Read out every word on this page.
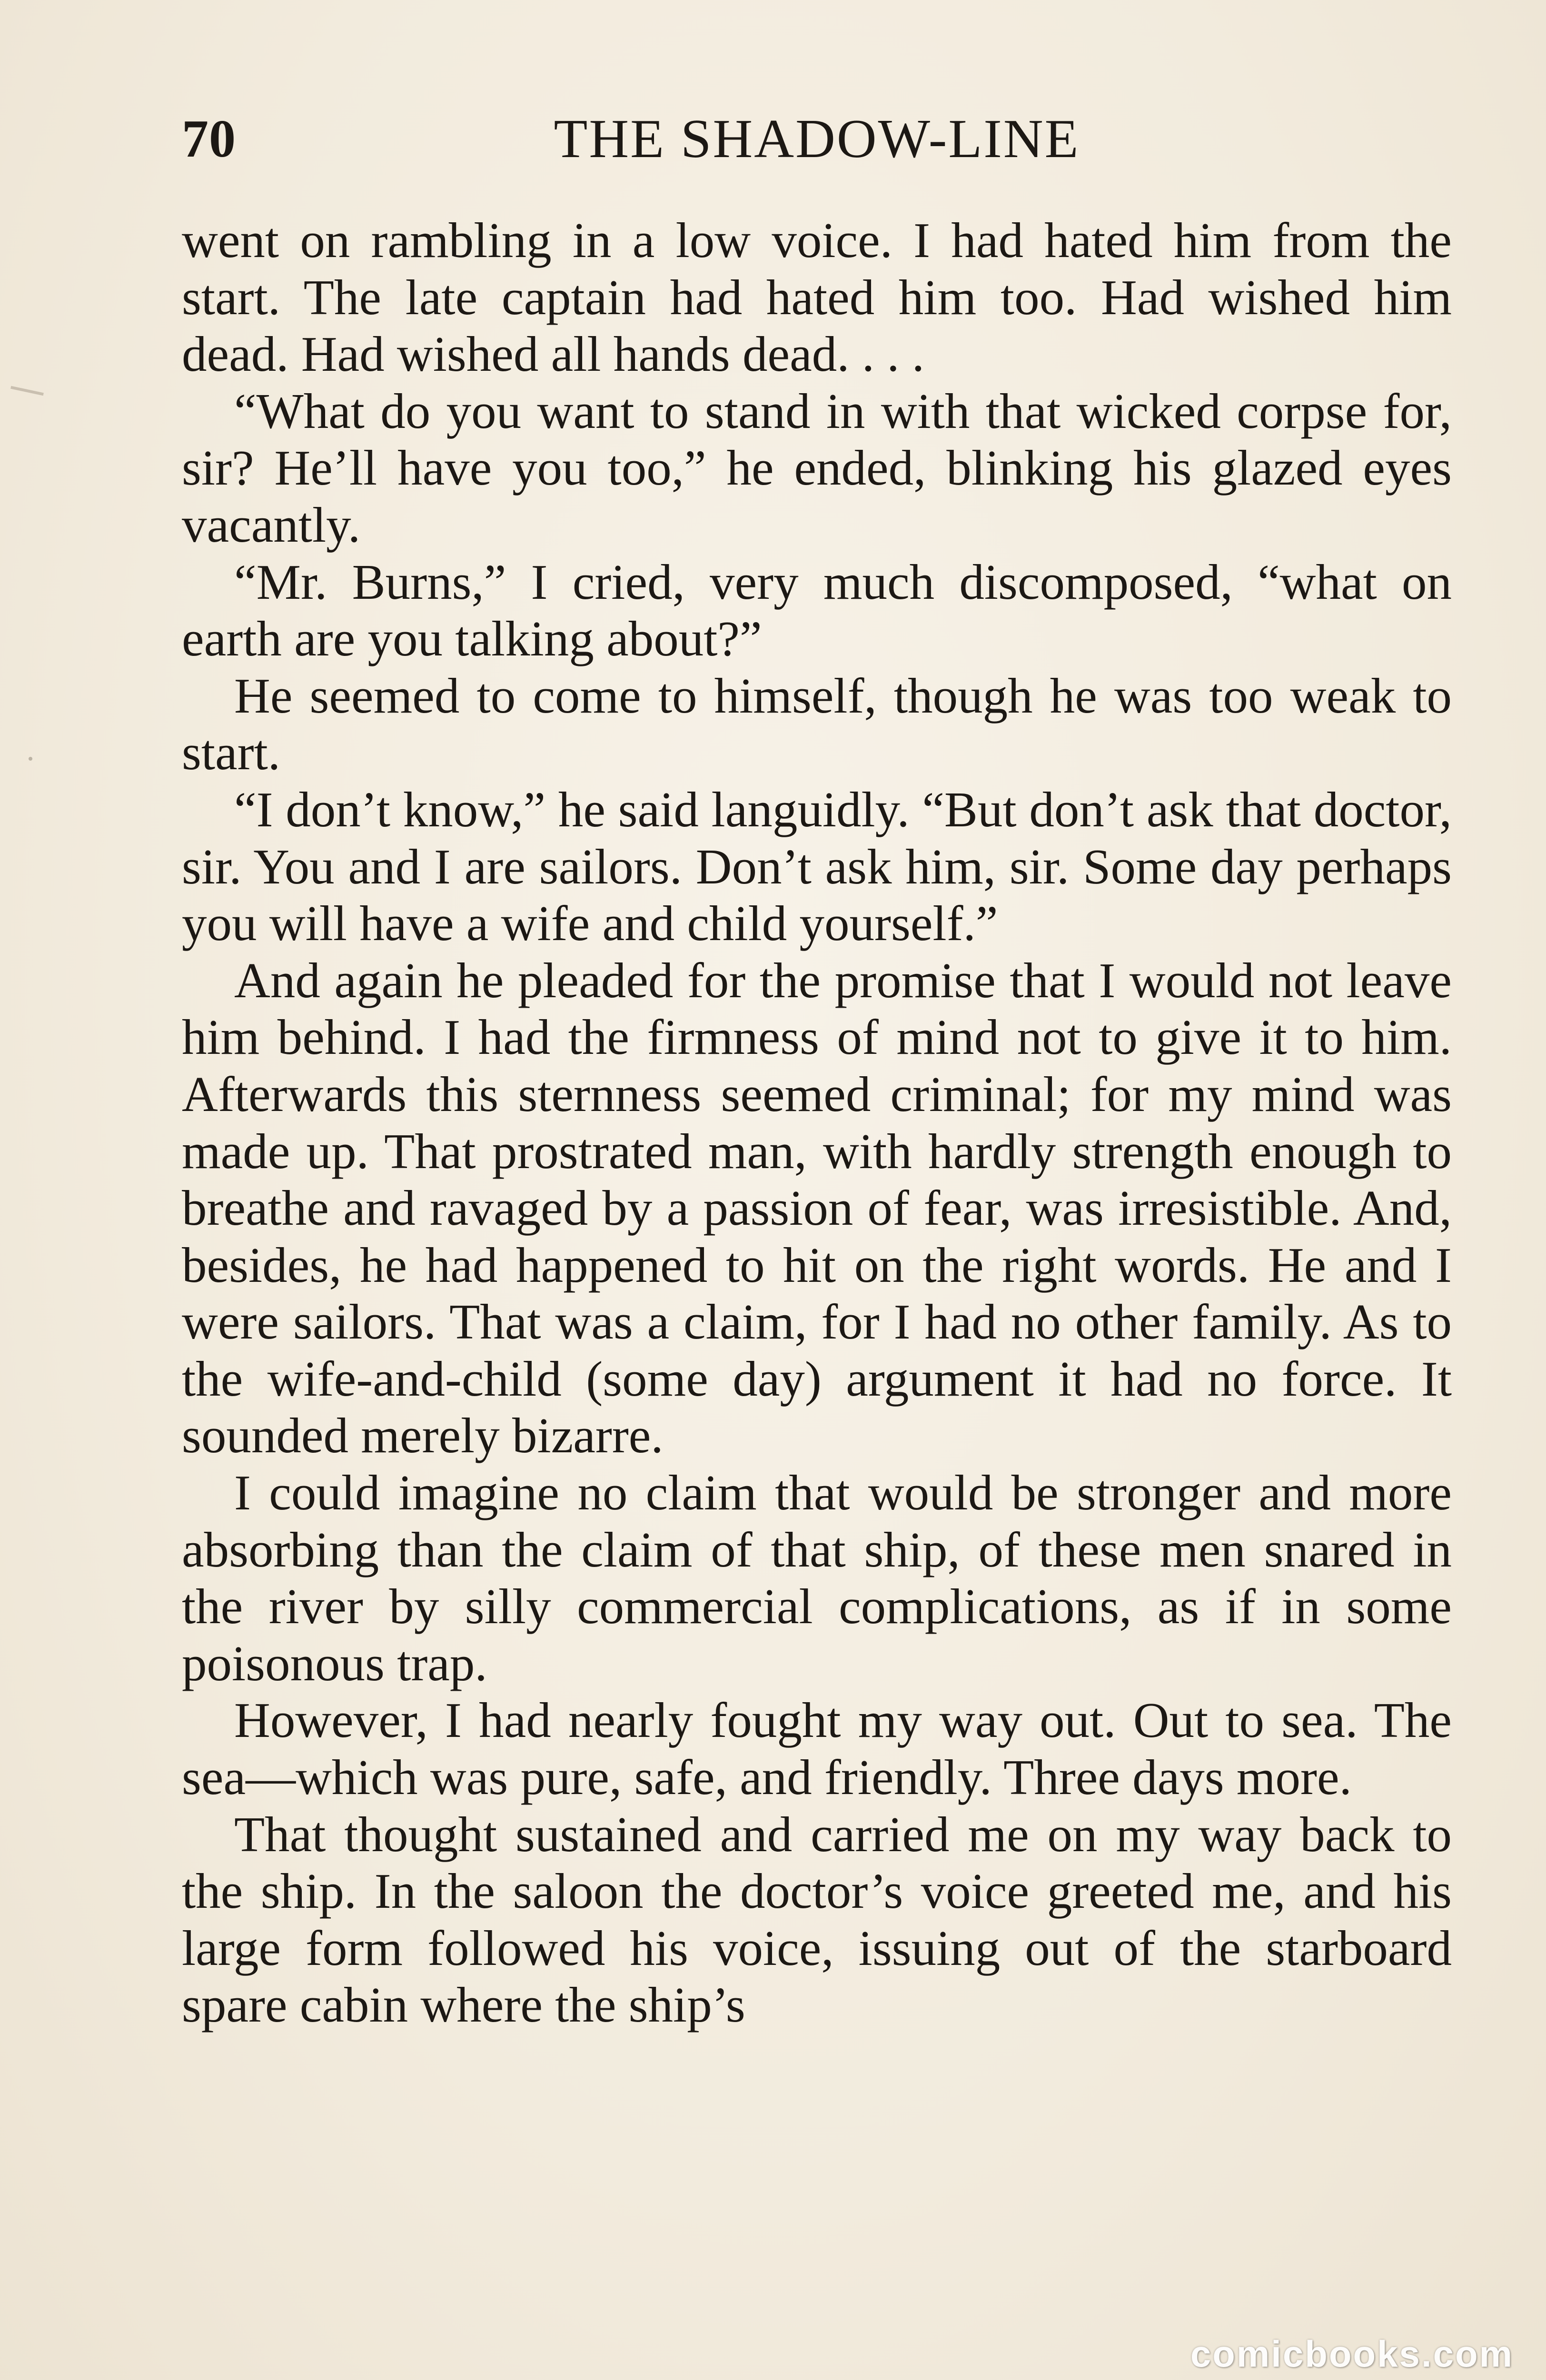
70	THE SHADOW-LINE

went on rambling in a low voice. I had hated him from the start. The late captain had hated him too. Had wished him dead. Had wished all hands dead. . . .

“What do you want to stand in with that wicked corpse for, sir? He’ll have you too,” he ended, blinking his glazed eyes vacantly.

“Mr. Burns,” I cried, very much discomposed, “what on earth are you talking about?”

He seemed to come to himself, though he was too weak to start.

“I don’t know,” he said languidly. “But don’t ask that doctor, sir. You and I are sailors. Don’t ask him, sir. Some day perhaps you will have a wife and child yourself.”

And again he pleaded for the promise that I would not leave him behind. I had the firmness of mind not to give it to him. Afterwards this sternness seemed criminal; for my mind was made up. That prostrated man, with hardly strength enough to breathe and ravaged by a passion of fear, was irresistible. And, besides, he had happened to hit on the right words. He and I were sailors. That was a claim, for I had no other family. As to the wife-and-child (some day) argument it had no force. It sounded merely bizarre.

I could imagine no claim that would be stronger and more absorbing than the claim of that ship, of these men snared in the river by silly commercial complications, as if in some poisonous trap.

However, I had nearly fought my way out. Out to sea. The sea—which was pure, safe, and friendly. Three days more.

That thought sustained and carried me on my way back to the ship. In the saloon the doctor’s voice greeted me, and his large form followed his voice, issuing out of the starboard spare cabin where the ship’s

comicbooks.com
